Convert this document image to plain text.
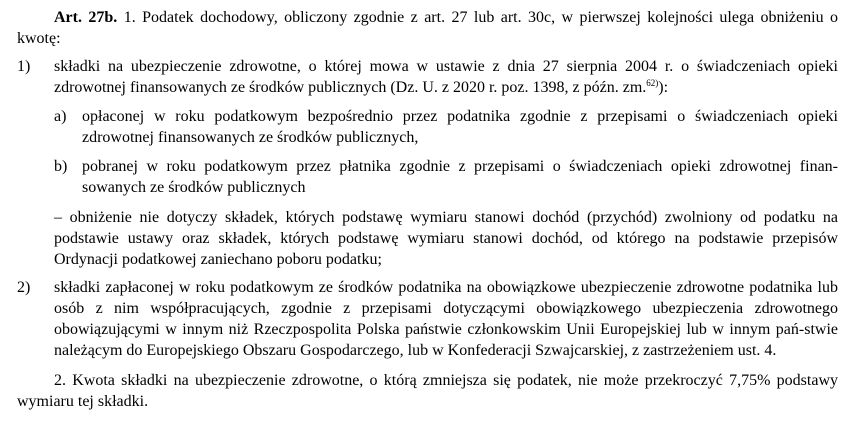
Art. 27b. 1. Podatek dochodowy, obliczony zgodnie z art. 27 lub art. 30c, w pierwszej kolejności ulega obniżeniu o kwotę:

1) składki na ubezpieczenie zdrowotne, o której mowa w ustawie z dnia 27 sierpnia 2004 r. o świadczeniach opieki zdrowotnej finansowanych ze środków publicznych (Dz. U. z 2020 r. poz. 1398, z późn. zm.$^{62)}$):

a) opłaconej w roku podatkowym bezpośrednio przez podatnika zgodnie z przepisami o świadczeniach opieki zdrowotnej finansowanych ze środków publicznych,

b) pobranej w roku podatkowym przez płatnika zgodnie z przepisami o świadczeniach opieki zdrowotnej finan-sowanych ze środków publicznych

– obniżenie nie dotyczy składek, których podstawę wymiaru stanowi dochód (przychód) zwolniony od podatku na podstawie ustawy oraz składek, których podstawę wymiaru stanowi dochód, od którego na podstawie przepisów Ordynacji podatkowej zaniechano poboru podatku;

2) składki zapłaconej w roku podatkowym ze środków podatnika na obowiązkowe ubezpieczenie zdrowotne podatnika lub osób z nim współpracujących, zgodnie z przepisami dotyczącymi obowiązkowego ubezpieczenia zdrowotnego obowiązującymi w innym niż Rzeczpospolita Polska państwie członkowskim Unii Europejskiej lub w innym pań-stwie należącym do Europejskiego Obszaru Gospodarczego, lub w Konfederacji Szwajcarskiej, z zastrzeżeniem ust. 4.

2. Kwota składki na ubezpieczenie zdrowotne, o którą zmniejsza się podatek, nie może przekroczyć 7,75% podstawy wymiaru tej składki.
